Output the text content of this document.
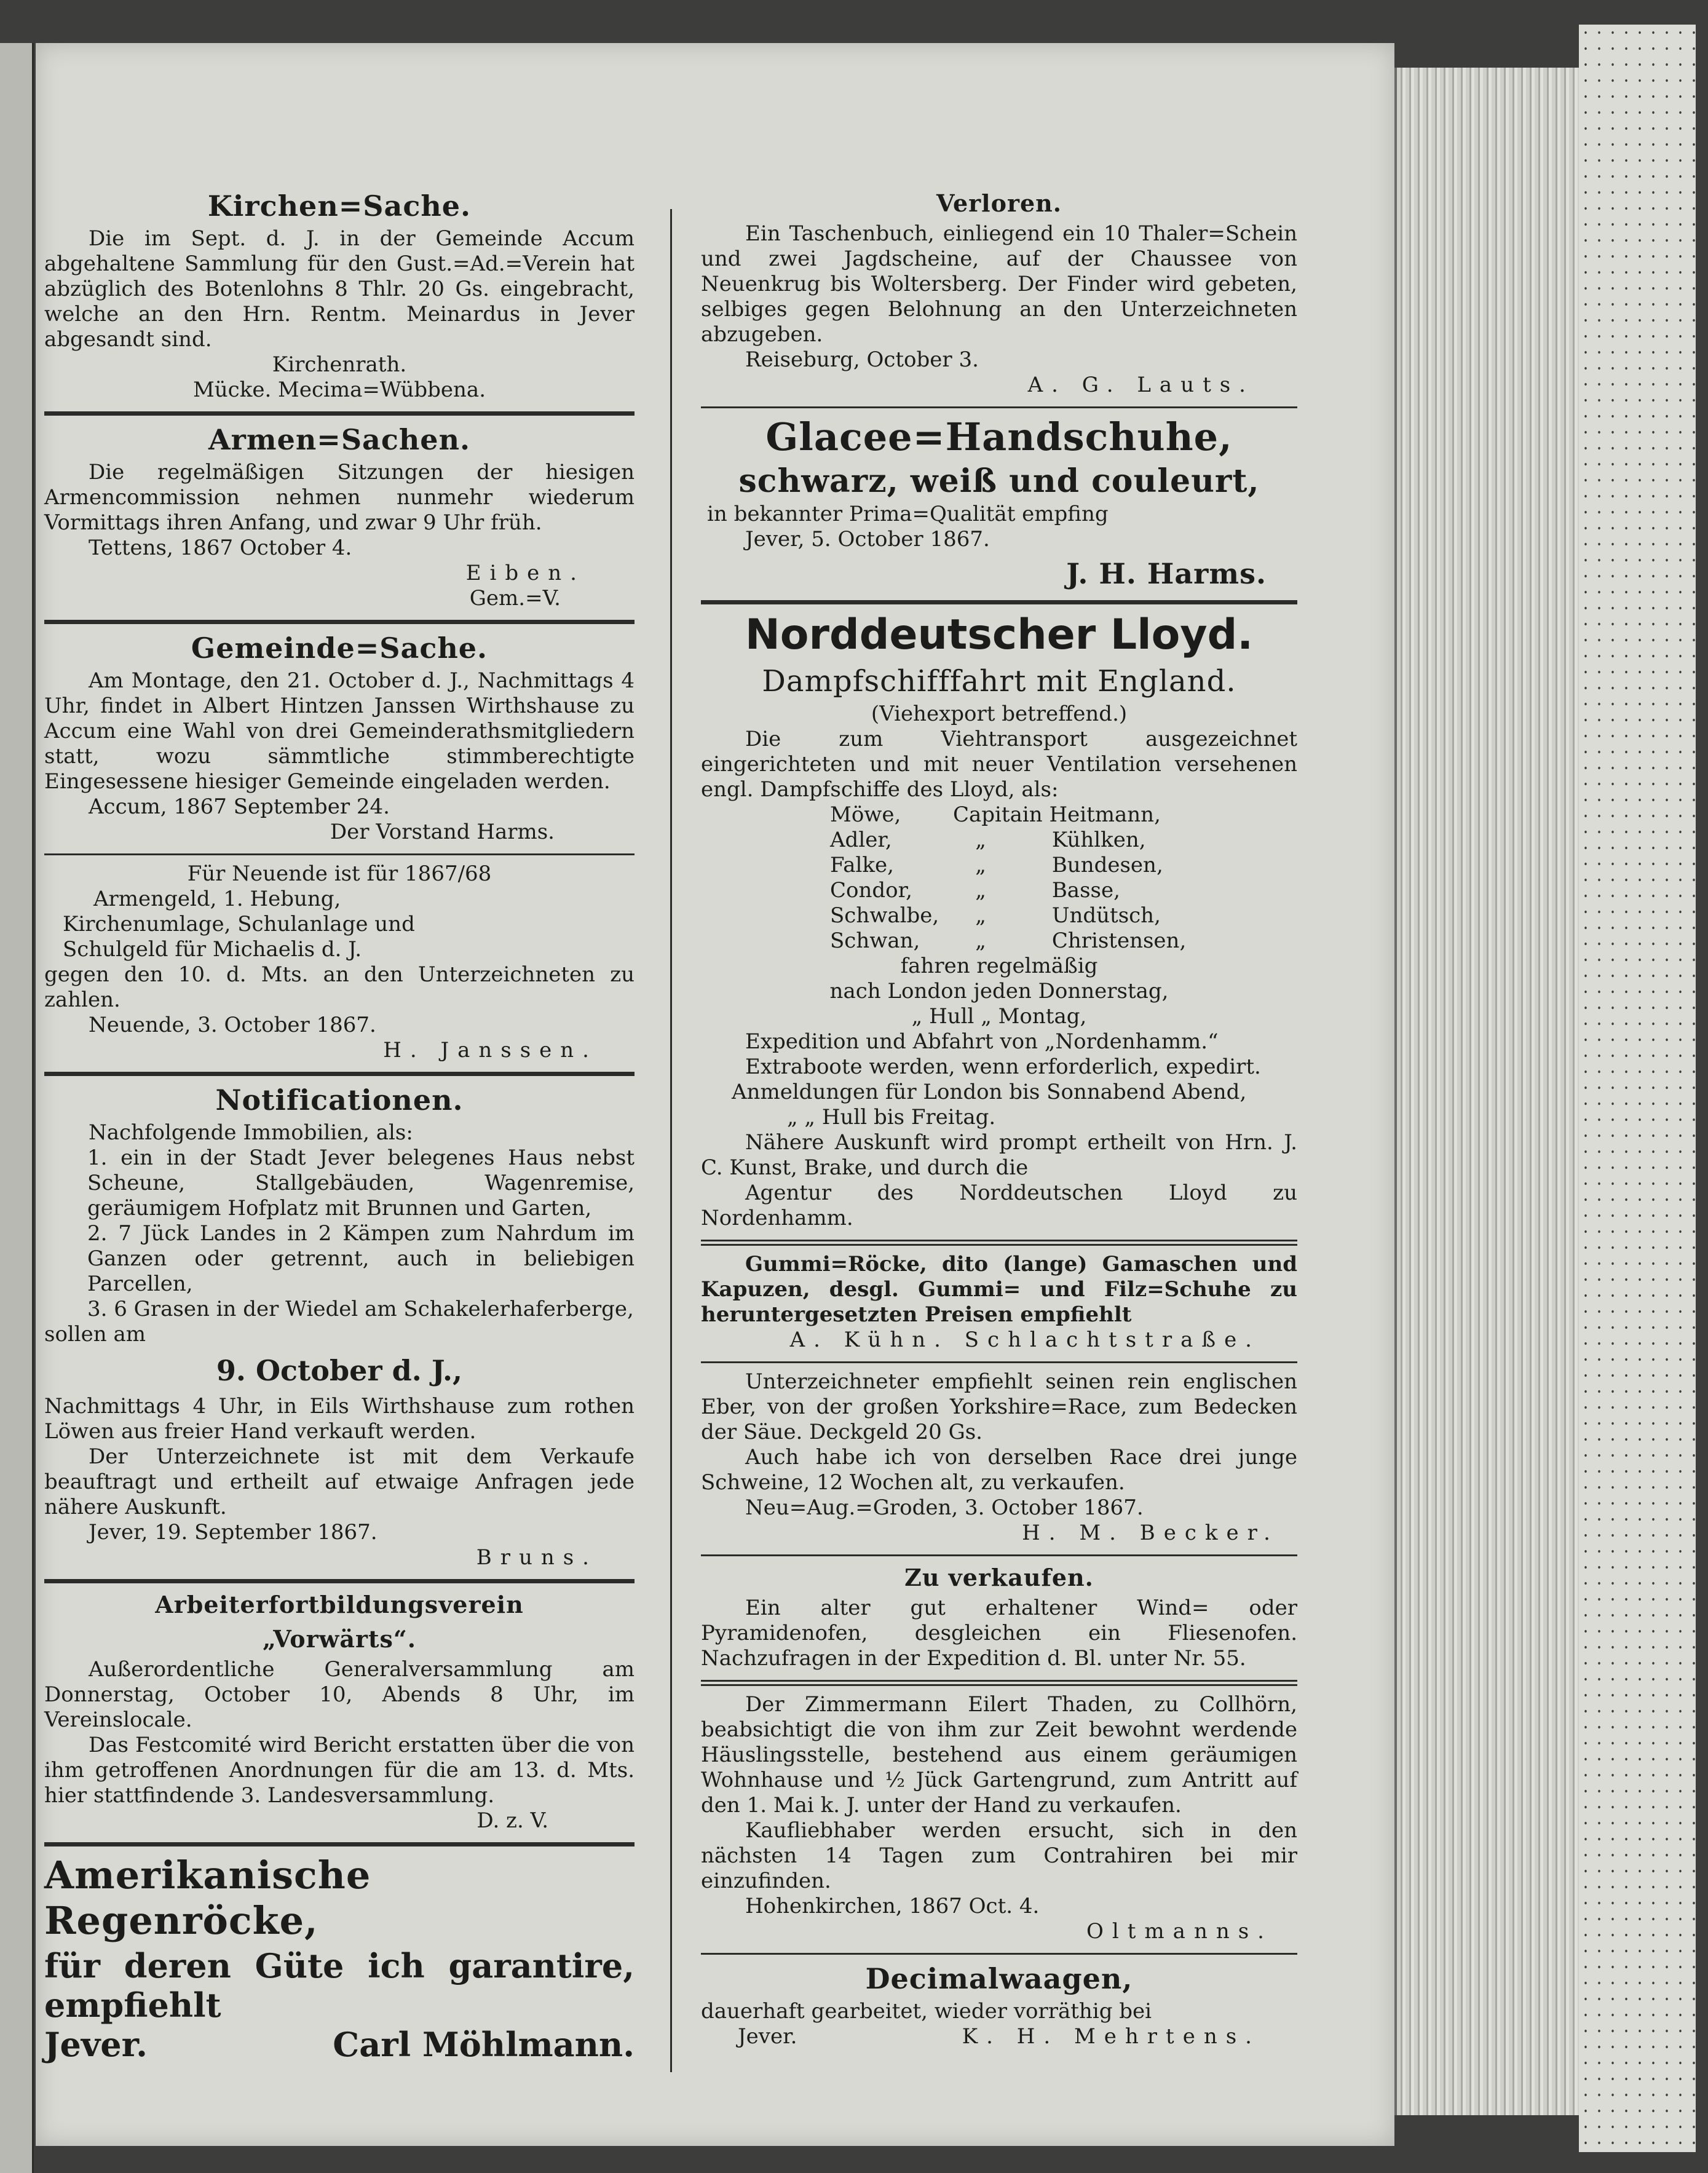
Kirchen=Sache.

Die im Sept. d. J. in der Gemeinde Accum abgehaltene Sammlung für den Gust.=Ad.=Verein hat abzüglich des Botenlohns 8 Thlr. 20 Gs. eingebracht, welche an den Hrn. Rentm. Meinardus in Jever abgesandt sind.

Kirchenrath.

Mücke. Mecima=Wübbena.

Armen=Sachen.

Die regelmäßigen Sitzungen der hiesigen Armencommission nehmen nunmehr wiederum Vormittags ihren Anfang, und zwar 9 Uhr früh.

Tettens, 1867 October 4.

Eiben.

Gem.=V.

Gemeinde=Sache.

Am Montage, den 21. October d. J., Nachmittags 4 Uhr, findet in Albert Hintzen Janssen Wirthshause zu Accum eine Wahl von drei Gemeinderathsmitgliedern statt, wozu sämmtliche stimmberechtigte Eingesessene hiesiger Gemeinde eingeladen werden.

Accum, 1867 September 24.

Der Vorstand Harms.

Für Neuende ist für 1867/68

Armengeld, 1. Hebung,

Kirchenumlage, Schulanlage und

Schulgeld für Michaelis d. J.

gegen den 10. d. Mts. an den Unterzeichneten zu zahlen.

Neuende, 3. October 1867.

H. Janssen.

Notificationen.

Nachfolgende Immobilien, als:

1. ein in der Stadt Jever belegenes Haus nebst Scheune, Stallgebäuden, Wagenremise, geräumigem Hofplatz mit Brunnen und Garten,

2. 7 Jück Landes in 2 Kämpen zum Nahrdum im Ganzen oder getrennt, auch in beliebigen Parcellen,

3. 6 Grasen in der Wiedel am Schakelerhaferberge,

sollen am

9. October d. J.,

Nachmittags 4 Uhr, in Eils Wirthshause zum rothen Löwen aus freier Hand verkauft werden.

Der Unterzeichnete ist mit dem Verkaufe beauftragt und ertheilt auf etwaige Anfragen jede nähere Auskunft.

Jever, 19. September 1867.

Bruns.

Arbeiterfortbildungsverein
„Vorwärts“.

Außerordentliche Generalversammlung am Donnerstag, October 10, Abends 8 Uhr, im Vereinslocale.

Das Festcomité wird Bericht erstatten über die von ihm getroffenen Anordnungen für die am 13. d. Mts. hier stattfindende 3. Landesversammlung.

D. z. V.

Amerikanische Regenröcke,
für deren Güte ich garantire, empfiehlt
Jever.	Carl Möhlmann.
Verloren.

Ein Taschenbuch, einliegend ein 10 Thaler=Schein und zwei Jagdscheine, auf der Chaussee von Neuenkrug bis Woltersberg. Der Finder wird gebeten, selbiges gegen Belohnung an den Unterzeichneten abzugeben.

Reiseburg, October 3.

A. G. Lauts.

Glacee=Handschuhe,
schwarz, weiß und couleurt,

in bekannter Prima=Qualität empfing

Jever, 5. October 1867.

J. H. Harms.
Norddeutscher Lloyd.
Dampfschifffahrt mit England.

(Viehexport betreffend.)

Die zum Viehtransport ausgezeichnet eingerichteten und mit neuer Ventilation versehenen engl. Dampfschiffe des Lloyd, als:

Möwe, Capitain Heitmann,
Adler,	„	Kühlken,
Falke,	„	Bundesen,
Condor,	„	Basse,
Schwalbe, „	Undütsch,
Schwan,	„	Christensen,

fahren regelmäßig

nach London jeden Donnerstag,

„ Hull „ Montag,

Expedition und Abfahrt von „Nordenhamm.“

Extraboote werden, wenn erforderlich, expedirt.

Anmeldungen für London bis Sonnabend Abend,

„ „ Hull bis Freitag.

Nähere Auskunft wird prompt ertheilt von Hrn. J. C. Kunst, Brake, und durch die

Agentur des Norddeutschen Lloyd zu Nordenhamm.

Gummi=Röcke, dito (lange) Gamaschen und Kapuzen, desgl. Gummi= und Filz=Schuhe zu heruntergesetzten Preisen empfiehlt

A. Kühn. Schlachtstraße.

Unterzeichneter empfiehlt seinen rein englischen Eber, von der großen Yorkshire=Race, zum Bedecken der Säue. Deckgeld 20 Gs.

Auch habe ich von derselben Race drei junge Schweine, 12 Wochen alt, zu verkaufen.

Neu=Aug.=Groden, 3. October 1867.

H. M. Becker.

Zu verkaufen.

Ein alter gut erhaltener Wind= oder Pyramidenofen, desgleichen ein Fliesenofen. Nachzufragen in der Expedition d. Bl. unter Nr. 55.

Der Zimmermann Eilert Thaden, zu Collhörn, beabsichtigt die von ihm zur Zeit bewohnt werdende Häuslingsstelle, bestehend aus einem geräumigen Wohnhause und ½ Jück Gartengrund, zum Antritt auf den 1. Mai k. J. unter der Hand zu verkaufen.

Kaufliebhaber werden ersucht, sich in den nächsten 14 Tagen zum Contrahiren bei mir einzufinden.

Hohenkirchen, 1867 Oct. 4.

Oltmanns.

Decimalwaagen,

dauerhaft gearbeitet, wieder vorräthig bei

Jever.	K. H. Mehrtens.
